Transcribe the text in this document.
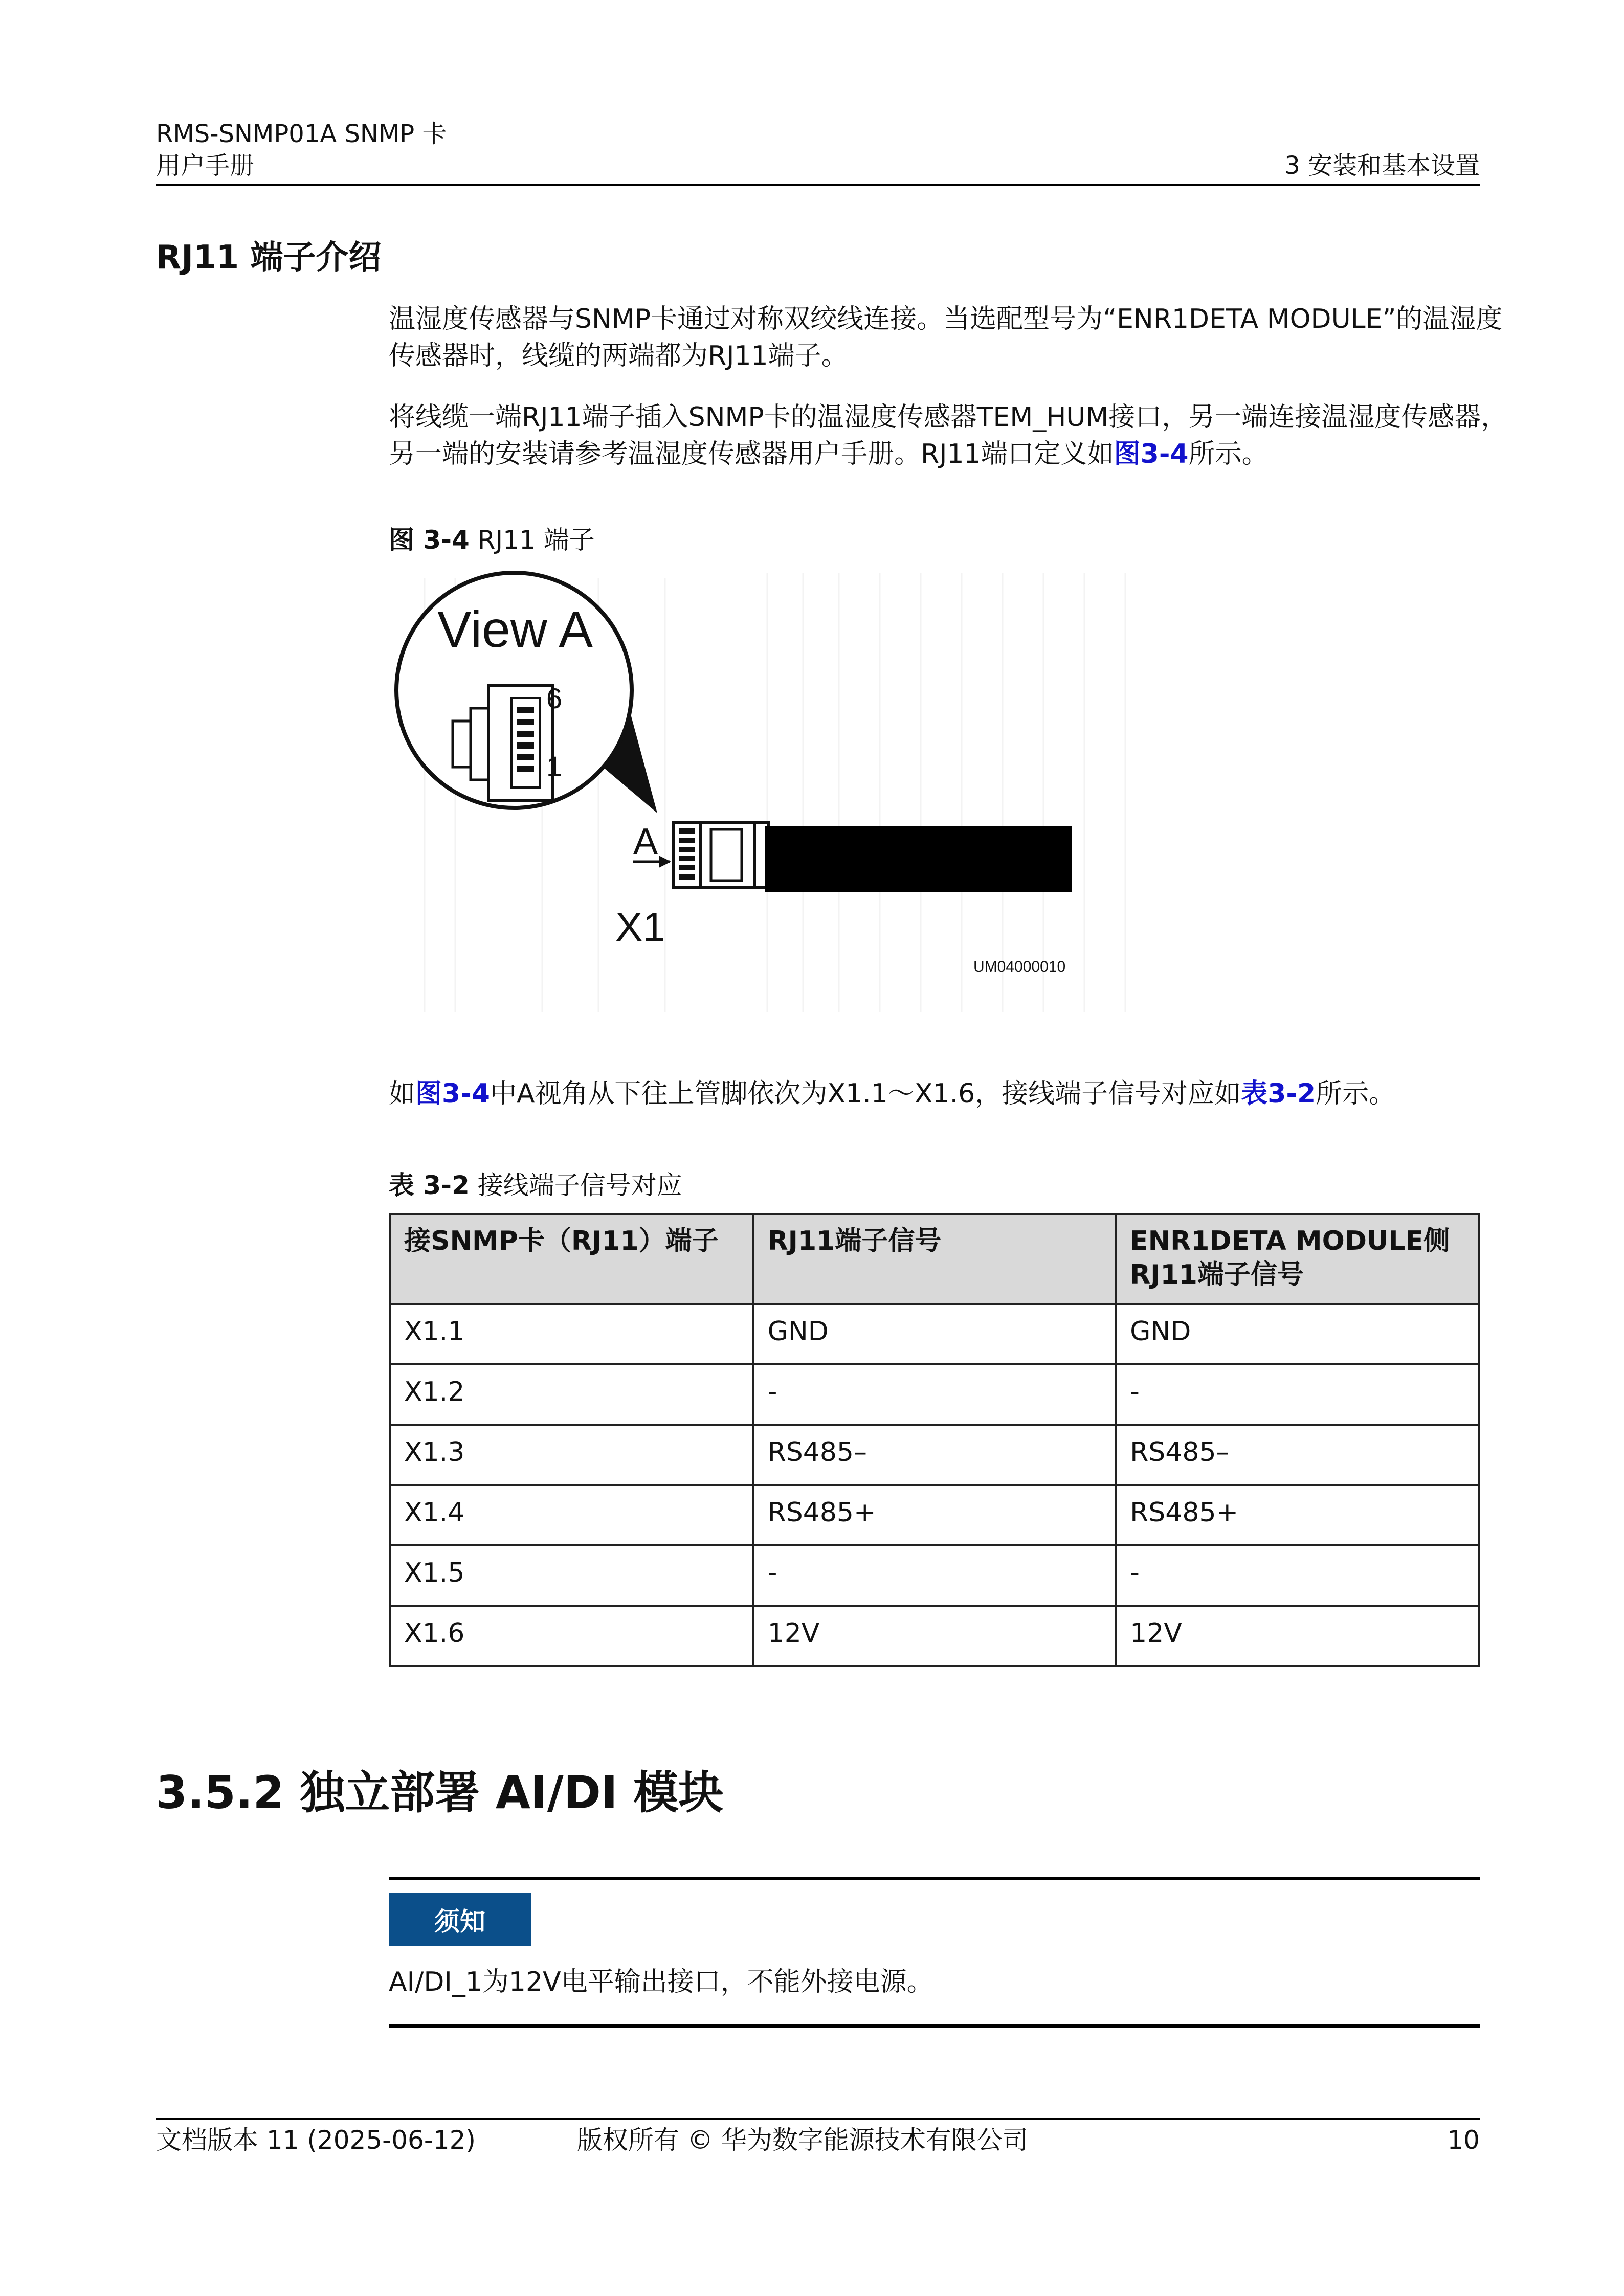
RMS-SNMP01A SNMP 卡
用户手册	3 安装和基本设置
RJ11 端子介绍
温湿度传感器与SNMP卡通过对称双绞线连接。当选配型号为“ENR1DETA MODULE”的温湿度传感器时，线缆的两端都为RJ11端子。
将线缆一端RJ11端子插入SNMP卡的温湿度传感器TEM_HUM接口，另一端连接温湿度传感器，另一端的安装请参考温湿度传感器用户手册。RJ11端口定义如图3-4所示。
图 3-4 RJ11 端子
View A
6
1
A
X1
UM04000010
如图3-4中A视角从下往上管脚依次为X1.1～X1.6，接线端子信号对应如表3-2所示。
表 3-2 接线端子信号对应
接SNMP卡（RJ11）端子	RJ11端子信号	ENR1DETA MODULE侧RJ11端子信号
X1.1	GND	GND
X1.2	-	-
X1.3	RS485–	RS485–
X1.4	RS485+	RS485+
X1.5	-	-
X1.6	12V	12V
3.5.2 独立部署 AI/DI 模块
须知
AI/DI_1为12V电平输出接口，不能外接电源。
文档版本 11 (2025-06-12)	版权所有 © 华为数字能源技术有限公司	10
